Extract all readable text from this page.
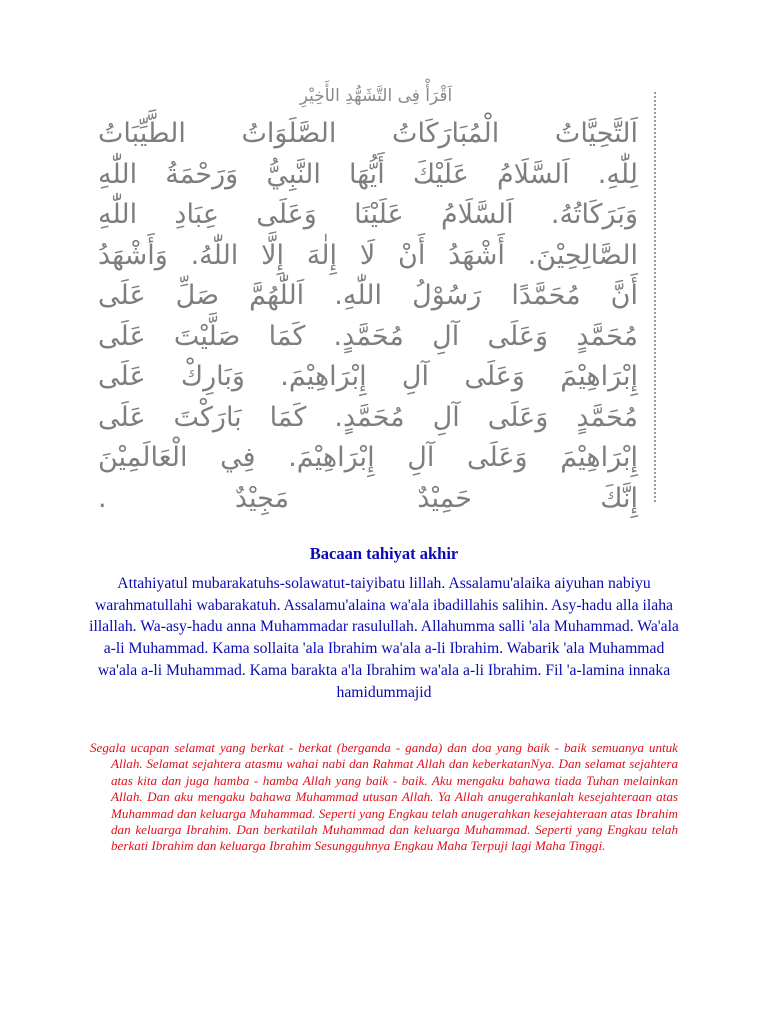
اَقْرَأْ فِى التَّشَهُّدِ الأَخِيْرِ
اَلتَّحِيَّاتُ الْمُبَارَكَاتُ الصَّلَوَاتُ الطَّيِّبَاتُ
لِلّٰهِ. اَلسَّلَامُ عَلَيْكَ أَيُّهَا النَّبِيُّ وَرَحْمَةُ اللّٰهِ
وَبَرَكَاتُهُ. اَلسَّلَامُ عَلَيْنَا وَعَلَى عِبَادِ اللّٰهِ
الصَّالِحِيْنَ. أَشْهَدُ أَنْ لَا إِلٰهَ إِلَّا اللّٰهُ. وَأَشْهَدُ
أَنَّ مُحَمَّدًا رَسُوْلُ اللّٰهِ. اَللّٰهُمَّ صَلِّ عَلَى
مُحَمَّدٍ وَعَلَى آلِ مُحَمَّدٍ. كَمَا صَلَّيْتَ عَلَى
إِبْرَاهِيْمَ وَعَلَى آلِ إِبْرَاهِيْمَ. وَبَارِكْ عَلَى
مُحَمَّدٍ وَعَلَى آلِ مُحَمَّدٍ. كَمَا بَارَكْتَ عَلَى
إِبْرَاهِيْمَ وَعَلَى آلِ إِبْرَاهِيْمَ. فِي الْعَالَمِيْنَ
إِنَّكَ حَمِيْدٌ مَجِيْدٌ .
Bacaan tahiyat akhir

Attahiyatul mubarakatuhs-solawatut-taiyibatu lillah. Assalamu'alaika aiyuhan nabiyu warahmatullahi wabarakatuh. Assalamu'alaina wa'ala ibadillahis salihin. Asy-hadu alla ilaha illallah. Wa-asy-hadu anna Muhammadar rasulullah. Allahumma salli 'ala Muhammad. Wa'ala a-li Muhammad. Kama sollaita 'ala Ibrahim wa'ala a-li Ibrahim. Wabarik 'ala Muhammad wa'ala a-li Muhammad. Kama barakta a'la Ibrahim wa'ala a-li Ibrahim. Fil 'a-lamina innaka hamidummajid

Segala ucapan selamat yang berkat - berkat (berganda - ganda) dan doa yang baik - baik semuanya untuk Allah. Selamat sejahtera atasmu wahai nabi dan Rahmat Allah dan keberkatanNya. Dan selamat sejahtera atas kita dan juga hamba - hamba Allah yang baik - baik. Aku mengaku bahawa tiada Tuhan melainkan Allah. Dan aku mengaku bahawa Muhammad utusan Allah. Ya Allah anugerahkanlah kesejahteraan atas Muhammad dan keluarga Muhammad. Seperti yang Engkau telah anugerahkan kesejahteraan atas Ibrahim dan keluarga Ibrahim. Dan berkatilah Muhammad dan keluarga Muhammad. Seperti yang Engkau telah berkati Ibrahim dan keluarga Ibrahim Sesungguhnya Engkau Maha Terpuji lagi Maha Tinggi.
